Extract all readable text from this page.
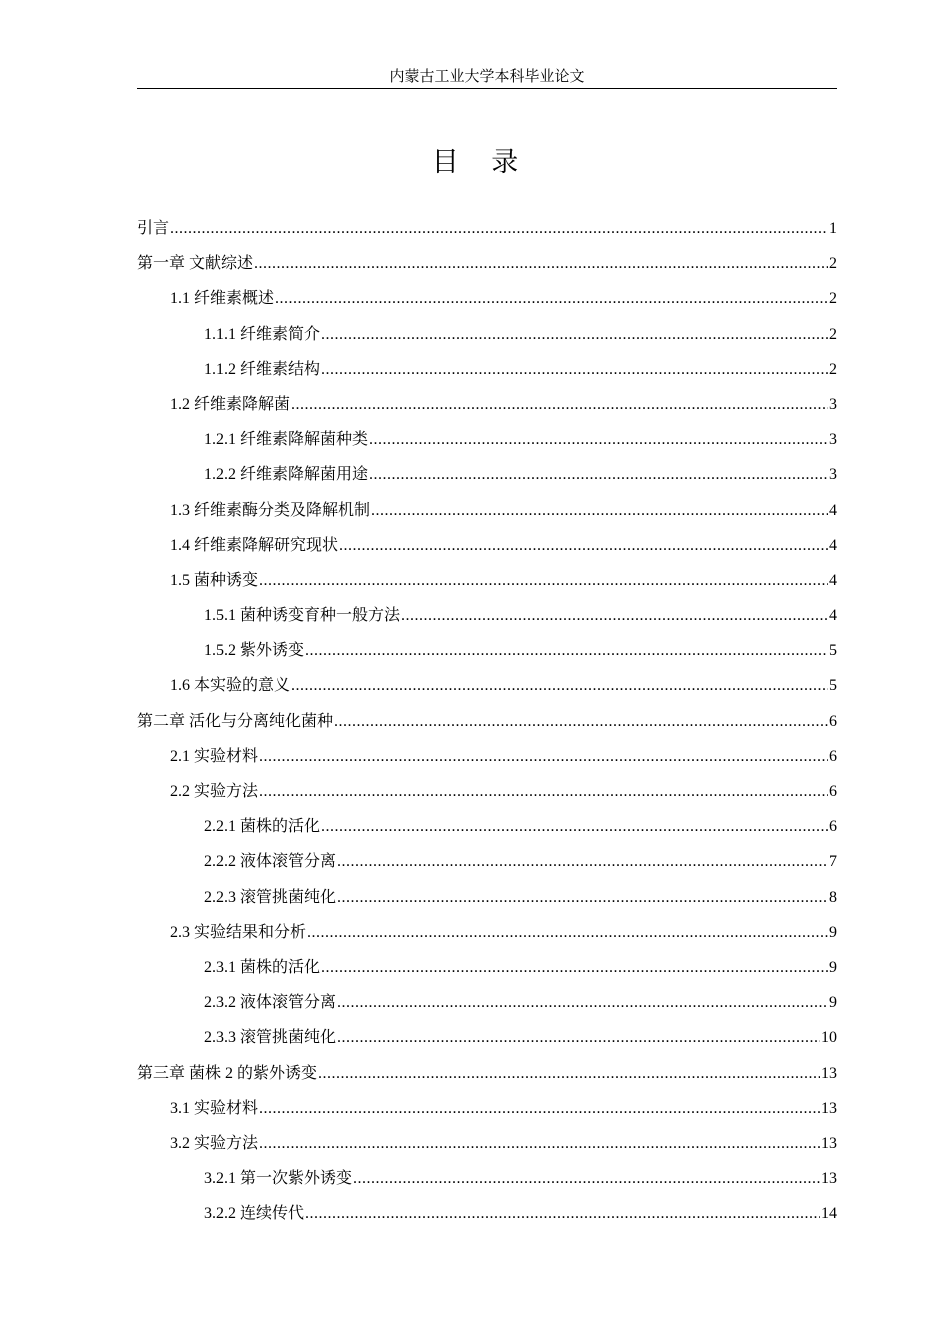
内蒙古工业大学本科毕业论文
目 录
引言 .....	1
第一章 文献综述 .....	2
1.1 纤维素概述 .....	2
1.1.1 纤维素简介 .....	2
1.1.2 纤维素结构 .....	2
1.2 纤维素降解菌 .....	3
1.2.1 纤维素降解菌种类 .....	3
1.2.2 纤维素降解菌用途 .....	3
1.3 纤维素酶分类及降解机制 .....	4
1.4 纤维素降解研究现状 .....	4
1.5 菌种诱变 .....	4
1.5.1 菌种诱变育种一般方法 .....	4
1.5.2 紫外诱变 .....	5
1.6 本实验的意义 .....	5
第二章 活化与分离纯化菌种 .....	6
2.1 实验材料 .....	6
2.2 实验方法 .....	6
2.2.1 菌株的活化 .....	6
2.2.2 液体滚管分离 .....	7
2.2.3 滚管挑菌纯化 .....	8
2.3 实验结果和分析 .....	9
2.3.1 菌株的活化 .....	9
2.3.2 液体滚管分离 .....	9
2.3.3 滚管挑菌纯化 .....	10
第三章 菌株 2 的紫外诱变 .....	13
3.1 实验材料 .....	13
3.2 实验方法 .....	13
3.2.1 第一次紫外诱变 .....	13
3.2.2 连续传代 .....	14
